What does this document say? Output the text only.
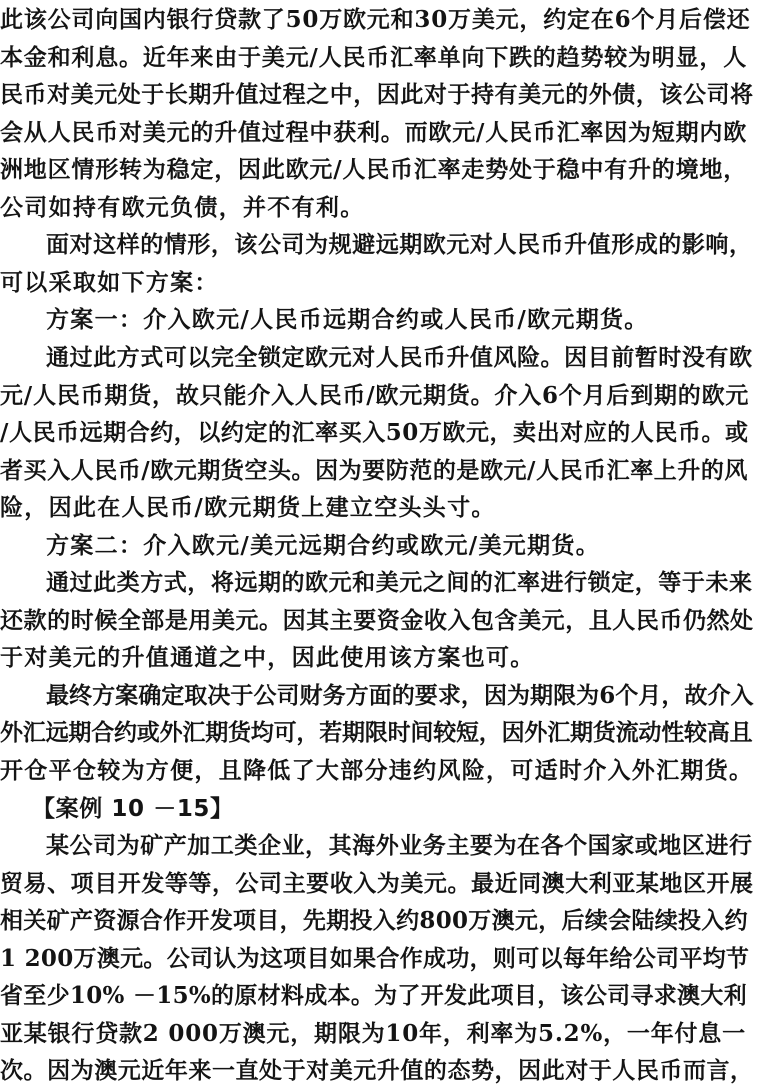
此该公司向国内银行贷款了50万欧元和30万美元，约定在6个月后偿还
本金和利息。近年来由于美元/人民币汇率单向下跌的趋势较为明显，人
民币对美元处于长期升值过程之中，因此对于持有美元的外债，该公司将
会从人民币对美元的升值过程中获利。而欧元/人民币汇率因为短期内欧
洲地区情形转为稳定，因此欧元/人民币汇率走势处于稳中有升的境地，
公司如持有欧元负债，并不有利。
面对这样的情形，该公司为规避远期欧元对人民币升值形成的影响，
可以采取如下方案：
方案一：介入欧元/人民币远期合约或人民币/欧元期货。
通过此方式可以完全锁定欧元对人民币升值风险。因目前暂时没有欧
元/人民币期货，故只能介入人民币/欧元期货。介入6个月后到期的欧元
/人民币远期合约，以约定的汇率买入50万欧元，卖出对应的人民币。或
者买入人民币/欧元期货空头。因为要防范的是欧元/人民币汇率上升的风
险，因此在人民币/欧元期货上建立空头头寸。
方案二：介入欧元/美元远期合约或欧元/美元期货。
通过此类方式，将远期的欧元和美元之间的汇率进行锁定，等于未来
还款的时候全部是用美元。因其主要资金收入包含美元，且人民币仍然处
于对美元的升值通道之中，因此使用该方案也可。
最终方案确定取决于公司财务方面的要求，因为期限为6个月，故介入
外汇远期合约或外汇期货均可，若期限时间较短，因外汇期货流动性较高且
开仓平仓较为方便，且降低了大部分违约风险，可适时介入外汇期货。
【案例 10 －15】
某公司为矿产加工类企业，其海外业务主要为在各个国家或地区进行
贸易、项目开发等等，公司主要收入为美元。最近同澳大利亚某地区开展
相关矿产资源合作开发项目，先期投入约800万澳元，后续会陆续投入约
1 200万澳元。公司认为这项目如果合作成功，则可以每年给公司平均节
省至少10% －15%的原材料成本。为了开发此项目，该公司寻求澳大利
亚某银行贷款2 000万澳元，期限为10年，利率为5.2%，一年付息一
次。因为澳元近年来一直处于对美元升值的态势，因此对于人民币而言，
